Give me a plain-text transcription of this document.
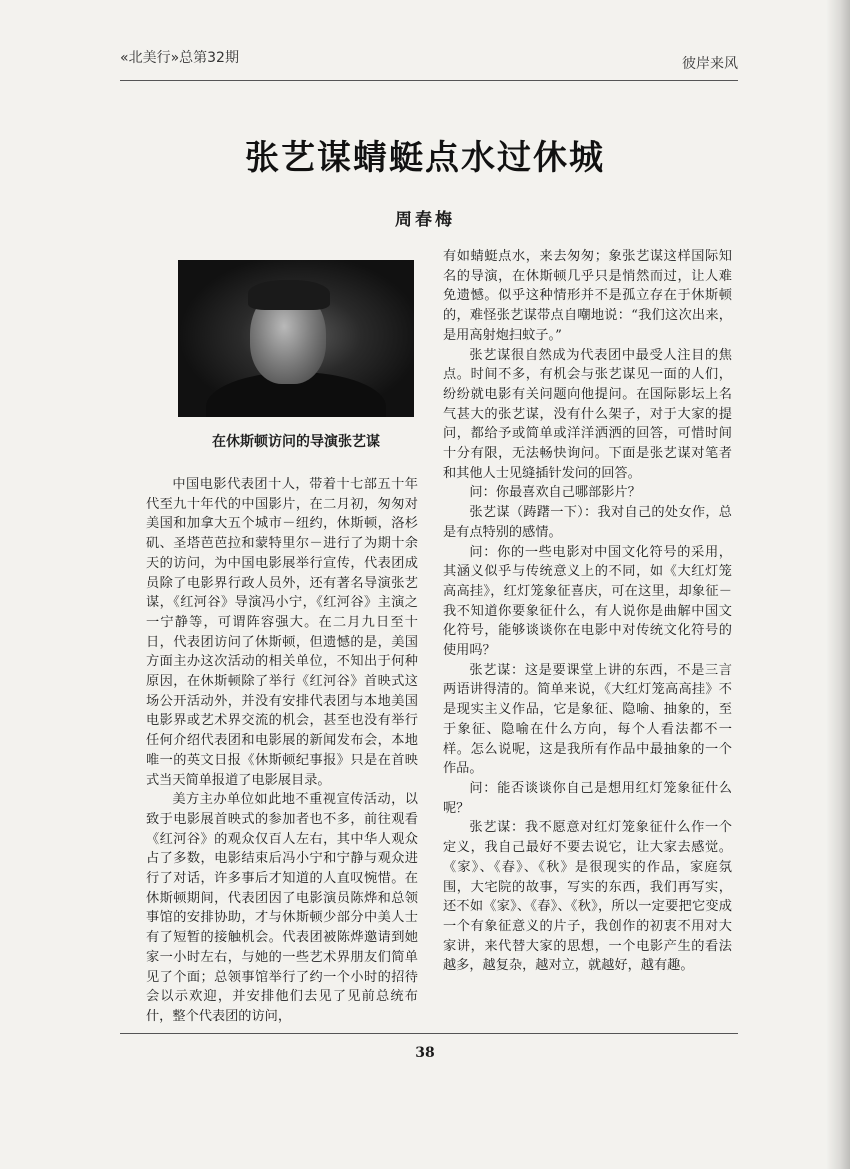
«北美行»总第32期	彼岸来风
张艺谋蜻蜓点水过休城
周春梅
在休斯顿访问的导演张艺谋

中国电影代表团十人，带着十七部五十年代至九十年代的中国影片，在二月初，匆匆对美国和加拿大五个城市－纽约，休斯顿，洛杉矶、圣塔芭芭拉和蒙特里尔－进行了为期十余天的访问，为中国电影展举行宣传，代表团成员除了电影界行政人员外，还有著名导演张艺谋，《红河谷》导演冯小宁，《红河谷》主演之一宁静等，可谓阵容强大。在二月九日至十日，代表团访问了休斯顿，但遗憾的是，美国方面主办这次活动的相关单位，不知出于何种原因，在休斯顿除了举行《红河谷》首映式这场公开活动外，并没有安排代表团与本地美国电影界或艺术界交流的机会，甚至也没有举行任何介绍代表团和电影展的新闻发布会，本地唯一的英文日报《休斯顿纪事报》只是在首映式当天简单报道了电影展目录。

美方主办单位如此地不重视宣传活动，以致于电影展首映式的参加者也不多，前往观看《红河谷》的观众仅百人左右，其中华人观众占了多数，电影结束后冯小宁和宁静与观众进行了对话，许多事后才知道的人直叹惋惜。在休斯顿期间，代表团因了电影演员陈烨和总领事馆的安排协助，才与休斯顿少部分中美人士有了短暂的接触机会。代表团被陈烨邀请到她家一小时左右，与她的一些艺术界朋友们简单见了个面；总领事馆举行了约一个小时的招待会以示欢迎，并安排他们去见了见前总统布什，整个代表团的访问，

有如蜻蜓点水，来去匆匆；象张艺谋这样国际知名的导演，在休斯顿几乎只是悄然而过，让人难免遗憾。似乎这种情形并不是孤立存在于休斯顿的，难怪张艺谋带点自嘲地说：“我们这次出来，是用高射炮扫蚊子。”

张艺谋很自然成为代表团中最受人注目的焦点。时间不多，有机会与张艺谋见一面的人们，纷纷就电影有关问题向他提问。在国际影坛上名气甚大的张艺谋，没有什么架子，对于大家的提问，都给予或简单或洋洋洒洒的回答，可惜时间十分有限，无法畅快询问。下面是张艺谋对笔者和其他人士见缝插针发问的回答。

问：你最喜欢自己哪部影片？

张艺谋（踌躇一下）：我对自己的处女作，总是有点特别的感情。

问：你的一些电影对中国文化符号的采用，其涵义似乎与传统意义上的不同，如《大红灯笼高高挂》，红灯笼象征喜庆，可在这里，却象征－我不知道你要象征什么，有人说你是曲解中国文化符号，能够谈谈你在电影中对传统文化符号的使用吗？

张艺谋：这是要课堂上讲的东西，不是三言两语讲得清的。简单来说，《大红灯笼高高挂》不是现实主义作品，它是象征、隐喻、抽象的，至于象征、隐喻在什么方向，每个人看法都不一样。怎么说呢，这是我所有作品中最抽象的一个作品。

问：能否谈谈你自己是想用红灯笼象征什么呢？

张艺谋：我不愿意对红灯笼象征什么作一个定义，我自己最好不要去说它，让大家去感觉。《家》、《春》、《秋》是很现实的作品，家庭氛围，大宅院的故事，写实的东西，我们再写实，还不如《家》、《春》、《秋》，所以一定要把它变成一个有象征意义的片子，我创作的初衷不用对大家讲，来代替大家的思想，一个电影产生的看法越多，越复杂，越对立，就越好，越有趣。

38
